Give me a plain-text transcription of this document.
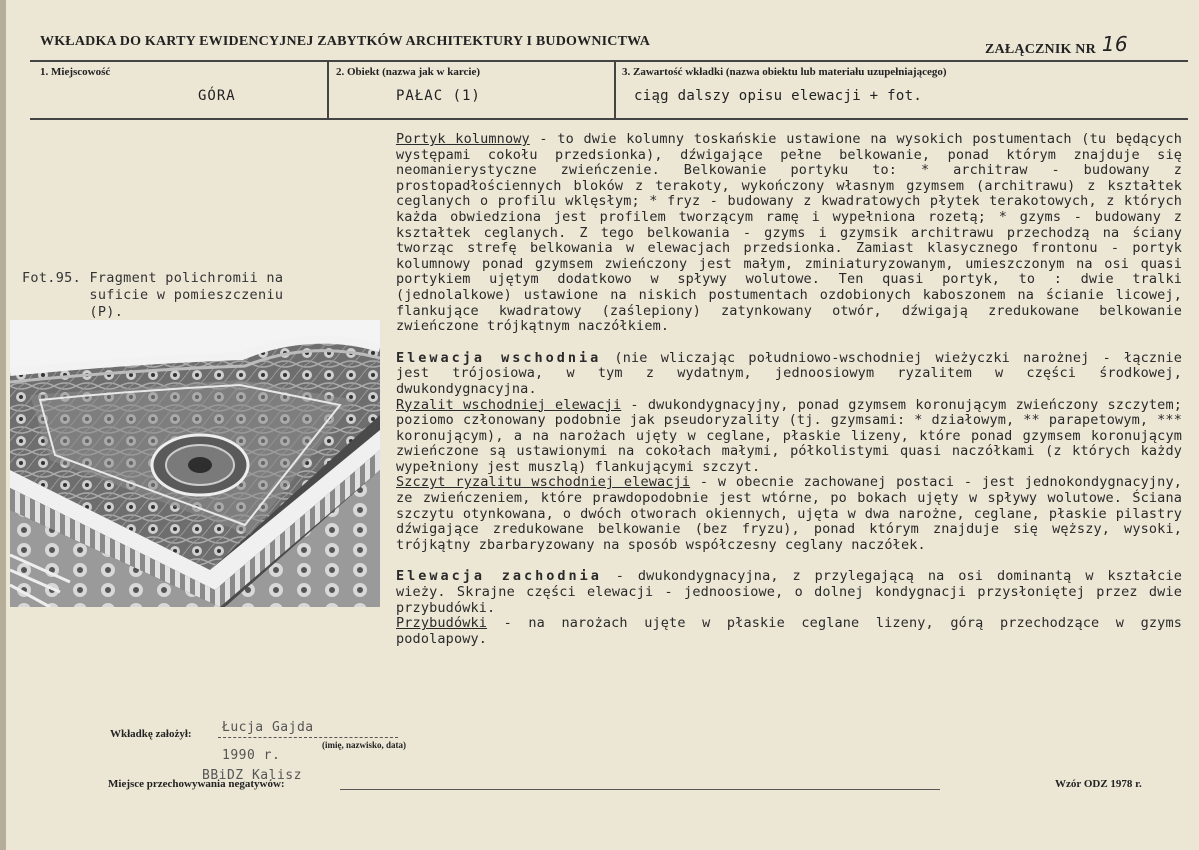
WKŁADKA DO KARTY EWIDENCYJNEJ ZABYTKÓW ARCHITEKTURY I BUDOWNICTWA
ZAŁĄCZNIK NR 16
1. Miejscowość
GÓRA
2. Obiekt (nazwa jak w karcie)
PAŁAC (1)
3. Zawartość wkładki (nazwa obiektu lub materiału uzupełniającego)
ciąg dalszy opisu elewacji + fot.
Fot.95. Fragment polichromii na
suficie w pomieszczeniu
(P).

Portyk kolumnowy - to dwie kolumny toskańskie ustawione na wysokich postumentach (tu będących występami cokołu przedsionka), dźwigające pełne belkowanie, ponad którym znajduje się neomanierystyczne zwieńczenie. Belkowanie portyku to: * architraw - budowany z prostopadłościennych bloków z terakoty, wykończony własnym gzymsem (architrawu) z kształtek ceglanych o profilu wklęsłym; * fryz - budowany z kwadratowych płytek terakotowych, z których każda obwiedziona jest profilem tworzącym ramę i wypełniona rozetą; * gzyms - budowany z kształtek ceglanych. Z tego belkowania - gzyms i gzymsik architrawu przechodzą na ściany tworząc strefę belkowania w elewacjach przedsionka. Zamiast klasycznego frontonu - portyk kolumnowy ponad gzymsem zwieńczony jest małym, zminiaturyzowanym, umieszczonym na osi quasi portykiem ujętym dodatkowo w spływy wolutowe. Ten quasi portyk, to : dwie tralki (jednolalkowe) ustawione na niskich postumentach ozdobionych kaboszonem na ścianie licowej, flankujące kwadratowy (zaślepiony) zatynkowany otwór, dźwigają zredukowane belkowanie zwieńczone trójkątnym naczółkiem.

Elewacja wschodnia (nie wliczając południowo-wschodniej wieżyczki narożnej - łącznie jest trójosiowa, w tym z wydatnym, jednoosiowym ryzalitem w części środkowej, dwukondygnacyjna.

Ryzalit wschodniej elewacji - dwukondygnacyjny, ponad gzymsem koronującym zwieńczony szczytem; poziomo członowany podobnie jak pseudoryzality (tj. gzymsami: * działowym, ** parapetowym, *** koronującym), a na narożach ujęty w ceglane, płaskie lizeny, które ponad gzymsem koronującym zwieńczone są ustawionymi na cokołach małymi, półkolistymi quasi naczółkami (z których każdy wypełniony jest muszlą) flankującymi szczyt.

Szczyt ryzalitu wschodniej elewacji - w obecnie zachowanej postaci - jest jednokondygnacyjny, ze zwieńczeniem, które prawdopodobnie jest wtórne, po bokach ujęty w spływy wolutowe. Ściana szczytu otynkowana, o dwóch otworach okiennych, ujęta w dwa narożne, ceglane, płaskie pilastry dźwigające zredukowane belkowanie (bez fryzu), ponad którym znajduje się węższy, wysoki, trójkątny zbarbaryzowany na sposób współczesny ceglany naczółek.

Elewacja zachodnia - dwukondygnacyjna, z przylegającą na osi dominantą w kształcie wieży. Skrajne części elewacji - jednoosiowe, o dolnej kondygnacji przysłoniętej przez dwie przybudówki.

Przybudówki - na narożach ujęte w płaskie ceglane lizeny, górą przechodzące w gzyms podolapowy.

Wkładkę założył: Łucja Gajda
(imię, nazwisko, data)
1990 r.
BBiDZ Kalisz
Miejsce przechowywania negatywów:	Wzór ODZ 1978 r.
